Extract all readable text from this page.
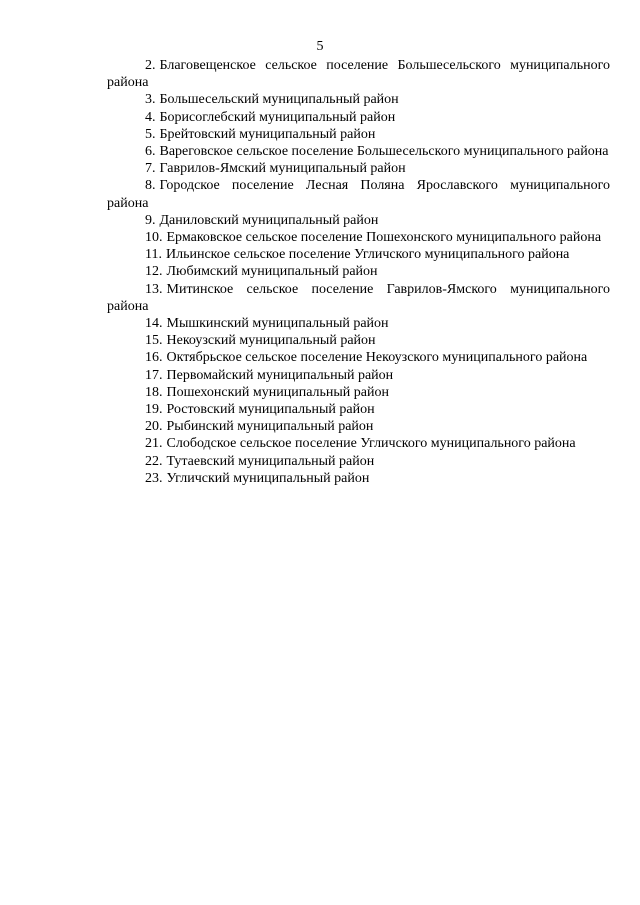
5

2. Благовещенское сельское поселение Большесельского муниципального района

3. Большесельский муниципальный район

4. Борисоглебский муниципальный район

5. Брейтовский муниципальный район

6. Вареговское сельское поселение Большесельского муниципального района

7. Гаврилов-Ямский муниципальный район

8. Городское поселение Лесная Поляна Ярославского муниципального района

9. Даниловский муниципальный район

10. Ермаковское сельское поселение Пошехонского муниципального района

11. Ильинское сельское поселение Угличского муниципального района

12. Любимский муниципальный район

13. Митинское сельское поселение Гаврилов-Ямского муниципального района

14. Мышкинский муниципальный район

15. Некоузский муниципальный район

16. Октябрьское сельское поселение Некоузского муниципального района

17. Первомайский муниципальный район

18. Пошехонский муниципальный район

19. Ростовский муниципальный район

20. Рыбинский муниципальный район

21. Слободское сельское поселение Угличского муниципального района

22. Тутаевский муниципальный район

23. Угличский муниципальный район
